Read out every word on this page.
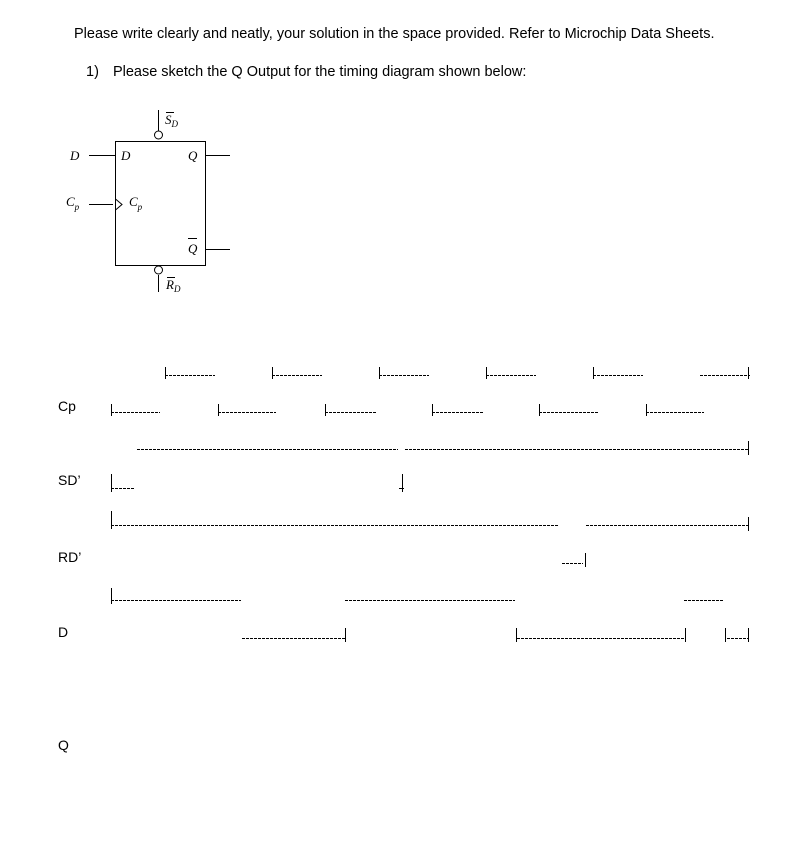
Please write clearly and neatly, your solution in the space provided. Refer to Microchip Data Sheets.
1) Please sketch the Q Output for the timing diagram shown below:
D
$C_p$
D
$C_p$
Q
Q
$S_D$
$R_D$
Cp
SD’
RD’
D
Q
